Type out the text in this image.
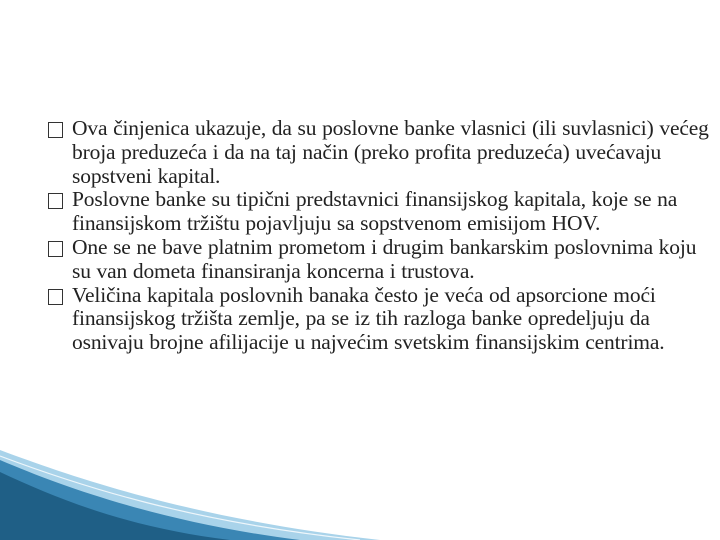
Ova činjenica ukazuje, da su poslovne banke vlasnici (ili suvlasnici) većeg broja preduzeća i da na taj način (preko profita preduzeća) uvećavaju sopstveni kapital.

Poslovne banke su tipični predstavnici finansijskog kapitala, koje se na finansijskom tržištu pojavljuju sa sopstvenom emisijom HOV.

One se ne bave platnim prometom i drugim bankarskim poslovnima koju su van dometa finansiranja koncerna i trustova.

Veličina kapitala poslovnih banaka često je veća od apsorcione moći finansijskog tržišta zemlje, pa se iz tih razloga banke opredeljuju da osnivaju brojne afilijacije u najvećim svetskim finansijskim centrima.
